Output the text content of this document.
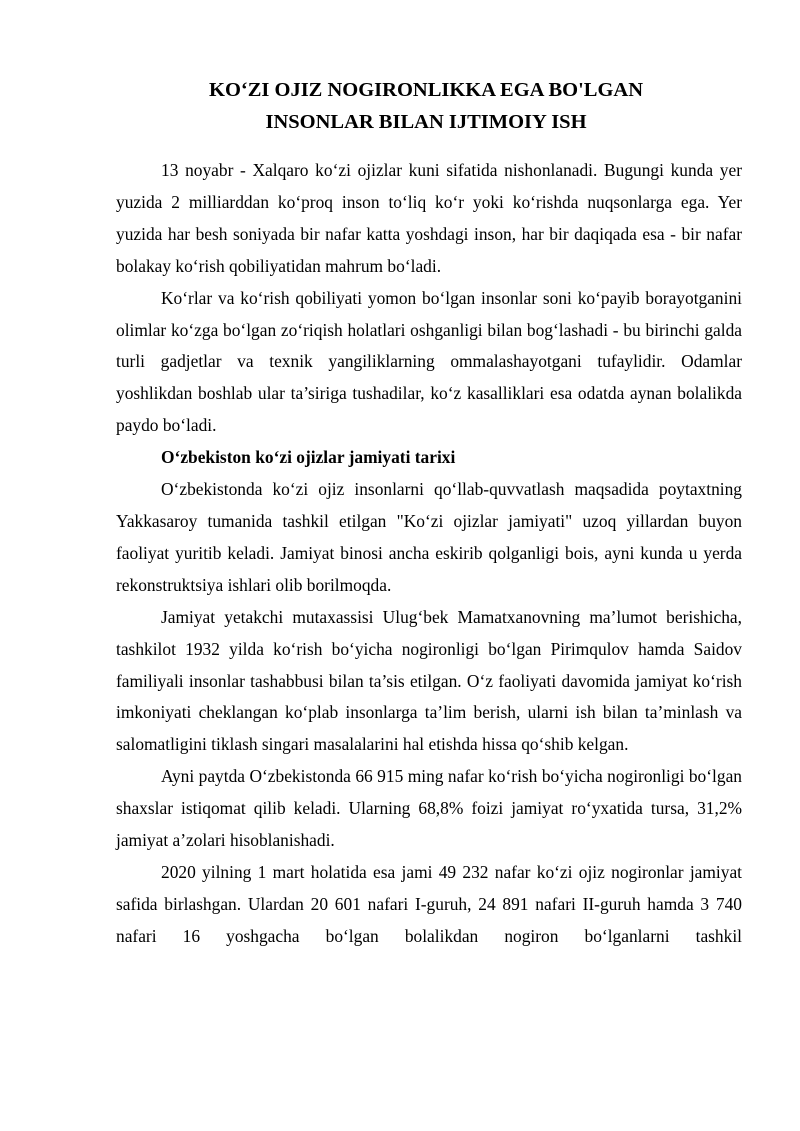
KO‘ZI OJIZ NOGIRONLIKKA EGA BO'LGAN
INSONLAR BILAN IJTIMOIY ISH

13 noyabr - Xalqaro ko‘zi ojizlar kuni sifatida nishonlanadi. Bugungi kunda yer yuzida 2 milliarddan ko‘proq inson to‘liq ko‘r yoki ko‘rishda nuqsonlarga ega. Yer yuzida har besh soniyada bir nafar katta yoshdagi inson, har bir daqiqada esa - bir nafar bolakay ko‘rish qobiliyatidan mahrum bo‘ladi.

Ko‘rlar va ko‘rish qobiliyati yomon bo‘lgan insonlar soni ko‘payib borayotganini olimlar ko‘zga bo‘lgan zo‘riqish holatlari oshganligi bilan bog‘lashadi - bu birinchi galda turli gadjetlar va texnik yangiliklarning ommalashayotgani tufaylidir. Odamlar yoshlikdan boshlab ular ta’siriga tushadilar, ko‘z kasalliklari esa odatda aynan bolalikda paydo bo‘ladi.

O‘zbekiston ko‘zi ojizlar jamiyati tarixi

O‘zbekistonda ko‘zi ojiz insonlarni qo‘llab-quvvatlash maqsadida poytaxtning Yakkasaroy tumanida tashkil etilgan "Ko‘zi ojizlar jamiyati" uzoq yillardan buyon faoliyat yuritib keladi. Jamiyat binosi ancha eskirib qolganligi bois, ayni kunda u yerda rekonstruktsiya ishlari olib borilmoqda.

Jamiyat yetakchi mutaxassisi Ulug‘bek Mamatxanovning ma’lumot berishicha, tashkilot 1932 yilda ko‘rish bo‘yicha nogironligi bo‘lgan Pirimqulov hamda Saidov familiyali insonlar tashabbusi bilan ta’sis etilgan. O‘z faoliyati davomida jamiyat ko‘rish imkoniyati cheklangan ko‘plab insonlarga ta’lim berish, ularni ish bilan ta’minlash va salomatligini tiklash singari masalalarini hal etishda hissa qo‘shib kelgan.

Ayni paytda O‘zbekistonda 66 915 ming nafar ko‘rish bo‘yicha nogironligi bo‘lgan shaxslar istiqomat qilib keladi. Ularning 68,8% foizi jamiyat ro‘yxatida tursa, 31,2% jamiyat a’zolari hisoblanishadi.

2020 yilning 1 mart holatida esa jami 49 232 nafar ko‘zi ojiz nogironlar jamiyat safida birlashgan. Ulardan 20 601 nafari I-guruh, 24 891 nafari II-guruh hamda 3 740 nafari 16 yoshgacha bo‘lgan bolalikdan nogiron bo‘lganlarni tashkil
